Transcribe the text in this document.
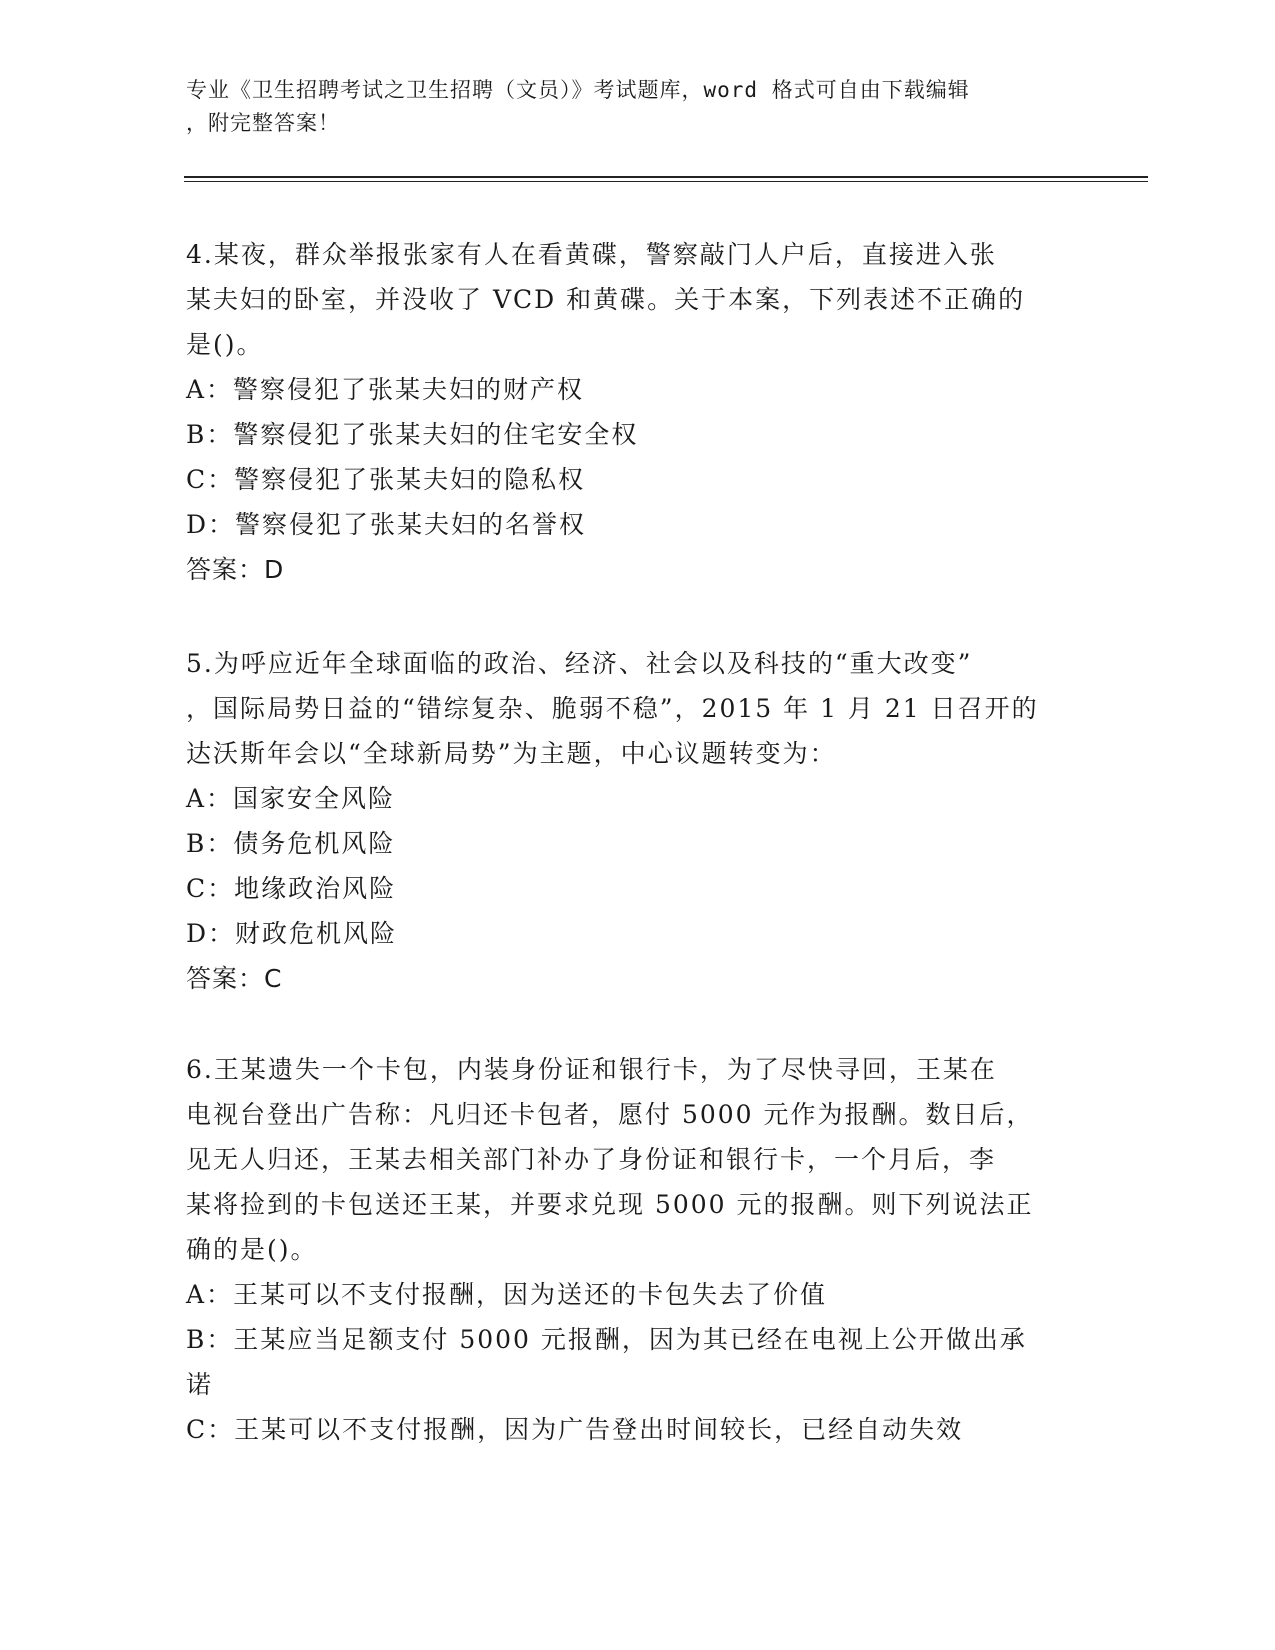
专业《卫生招聘考试之卫生招聘（文员）》考试题库，word 格式可自由下载编辑
，附完整答案！
4.某夜，群众举报张家有人在看黄碟，警察敲门人户后，直接进入张
某夫妇的卧室，并没收了 VCD 和黄碟。关于本案，下列表述不正确的
是()。
A：警察侵犯了张某夫妇的财产权
B：警察侵犯了张某夫妇的住宅安全权
C：警察侵犯了张某夫妇的隐私权
D：警察侵犯了张某夫妇的名誉权
答案：D
5.为呼应近年全球面临的政治、经济、社会以及科技的“重大改变”
，国际局势日益的“错综复杂、脆弱不稳”，2015 年 1 月 21 日召开的
达沃斯年会以“全球新局势”为主题，中心议题转变为：
A：国家安全风险
B：债务危机风险
C：地缘政治风险
D：财政危机风险
答案：C
6.王某遗失一个卡包，内装身份证和银行卡，为了尽快寻回，王某在
电视台登出广告称：凡归还卡包者，愿付 5000 元作为报酬。数日后，
见无人归还，王某去相关部门补办了身份证和银行卡，一个月后，李
某将捡到的卡包送还王某，并要求兑现 5000 元的报酬。则下列说法正
确的是()。
A：王某可以不支付报酬，因为送还的卡包失去了价值
B：王某应当足额支付 5000 元报酬，因为其已经在电视上公开做出承
诺
C：王某可以不支付报酬，因为广告登出时间较长，已经自动失效
